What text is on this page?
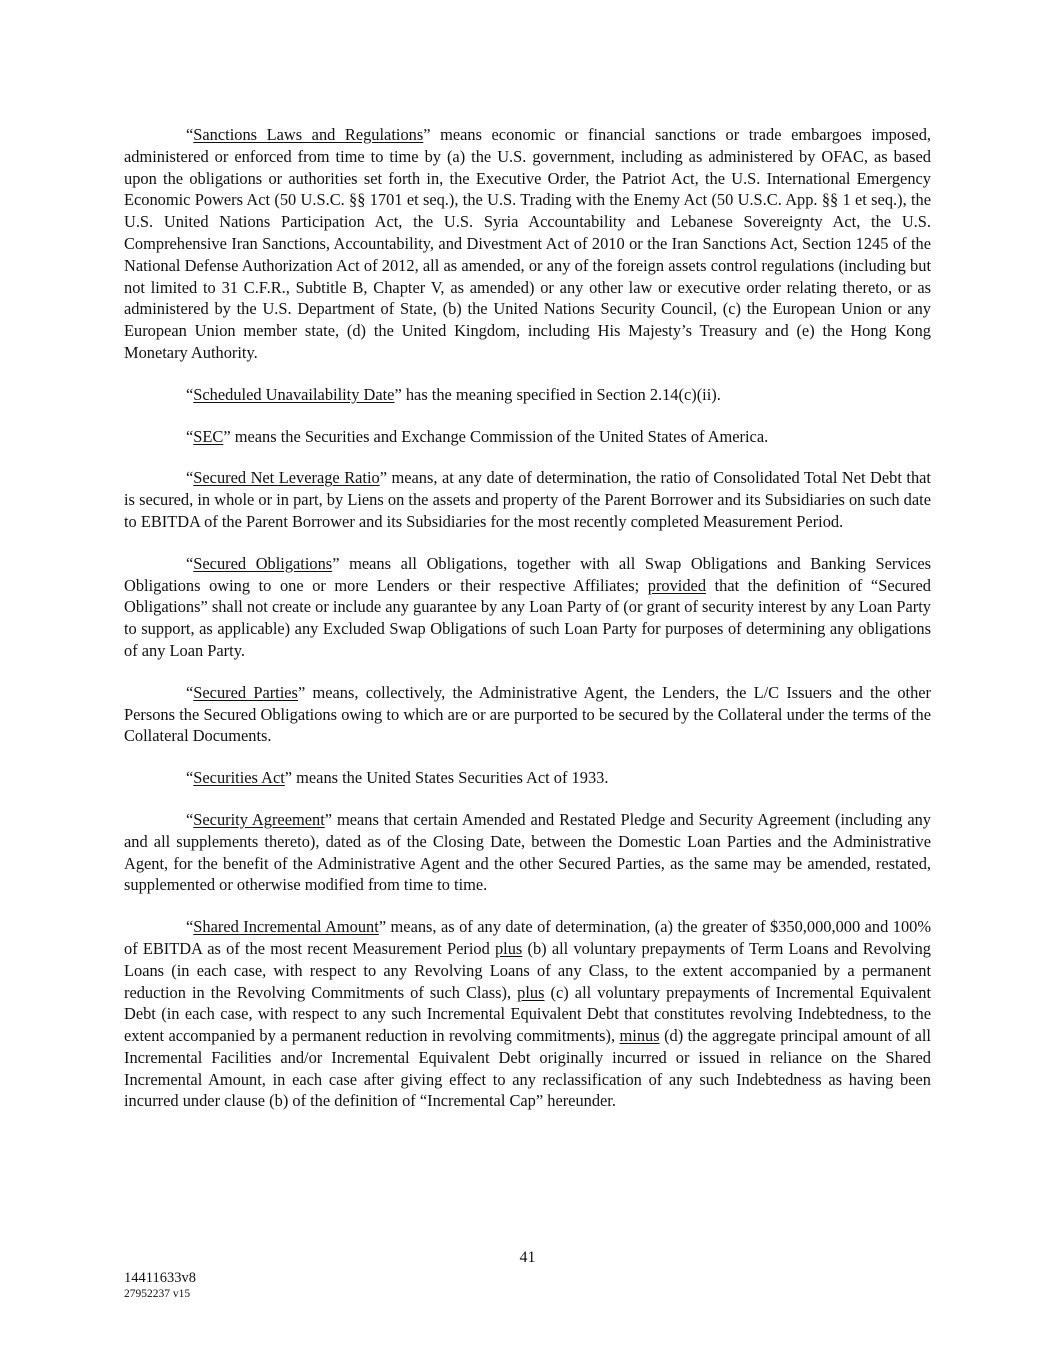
“Sanctions Laws and Regulations” means economic or financial sanctions or trade embargoes imposed, administered or enforced from time to time by (a) the U.S. government, including as administered by OFAC, as based upon the obligations or authorities set forth in, the Executive Order, the Patriot Act, the U.S. International Emergency Economic Powers Act (50 U.S.C. §§ 1701 et seq.), the U.S. Trading with the Enemy Act (50 U.S.C. App. §§ 1 et seq.), the U.S. United Nations Participation Act, the U.S. Syria Accountability and Lebanese Sovereignty Act, the U.S. Comprehensive Iran Sanctions, Accountability, and Divestment Act of 2010 or the Iran Sanctions Act, Section 1245 of the National Defense Authorization Act of 2012, all as amended, or any of the foreign assets control regulations (including but not limited to 31 C.F.R., Subtitle B, Chapter V, as amended) or any other law or executive order relating thereto, or as administered by the U.S. Department of State, (b) the United Nations Security Council, (c) the European Union or any European Union member state, (d) the United Kingdom, including His Majesty’s Treasury and (e) the Hong Kong Monetary Authority.

“Scheduled Unavailability Date” has the meaning specified in Section 2.14(c)(ii).

“SEC” means the Securities and Exchange Commission of the United States of America.

“Secured Net Leverage Ratio” means, at any date of determination, the ratio of Consolidated Total Net Debt that is secured, in whole or in part, by Liens on the assets and property of the Parent Borrower and its Subsidiaries on such date to EBITDA of the Parent Borrower and its Subsidiaries for the most recently completed Measurement Period.

“Secured Obligations” means all Obligations, together with all Swap Obligations and Banking Services Obligations owing to one or more Lenders or their respective Affiliates; provided that the definition of “Secured Obligations” shall not create or include any guarantee by any Loan Party of (or grant of security interest by any Loan Party to support, as applicable) any Excluded Swap Obligations of such Loan Party for purposes of determining any obligations of any Loan Party.

“Secured Parties” means, collectively, the Administrative Agent, the Lenders, the L/C Issuers and the other Persons the Secured Obligations owing to which are or are purported to be secured by the Collateral under the terms of the Collateral Documents.

“Securities Act” means the United States Securities Act of 1933.

“Security Agreement” means that certain Amended and Restated Pledge and Security Agreement (including any and all supplements thereto), dated as of the Closing Date, between the Domestic Loan Parties and the Administrative Agent, for the benefit of the Administrative Agent and the other Secured Parties, as the same may be amended, restated, supplemented or otherwise modified from time to time.

“Shared Incremental Amount” means, as of any date of determination, (a) the greater of $350,000,000 and 100% of EBITDA as of the most recent Measurement Period plus (b) all voluntary prepayments of Term Loans and Revolving Loans (in each case, with respect to any Revolving Loans of any Class, to the extent accompanied by a permanent reduction in the Revolving Commitments of such Class), plus (c) all voluntary prepayments of Incremental Equivalent Debt (in each case, with respect to any such Incremental Equivalent Debt that constitutes revolving Indebtedness, to the extent accompanied by a permanent reduction in revolving commitments), minus (d) the aggregate principal amount of all Incremental Facilities and/or Incremental Equivalent Debt originally incurred or issued in reliance on the Shared Incremental Amount, in each case after giving effect to any reclassification of any such Indebtedness as having been incurred under clause (b) of the definition of “Incremental Cap” hereunder.

41
14411633v8
27952237 v15
